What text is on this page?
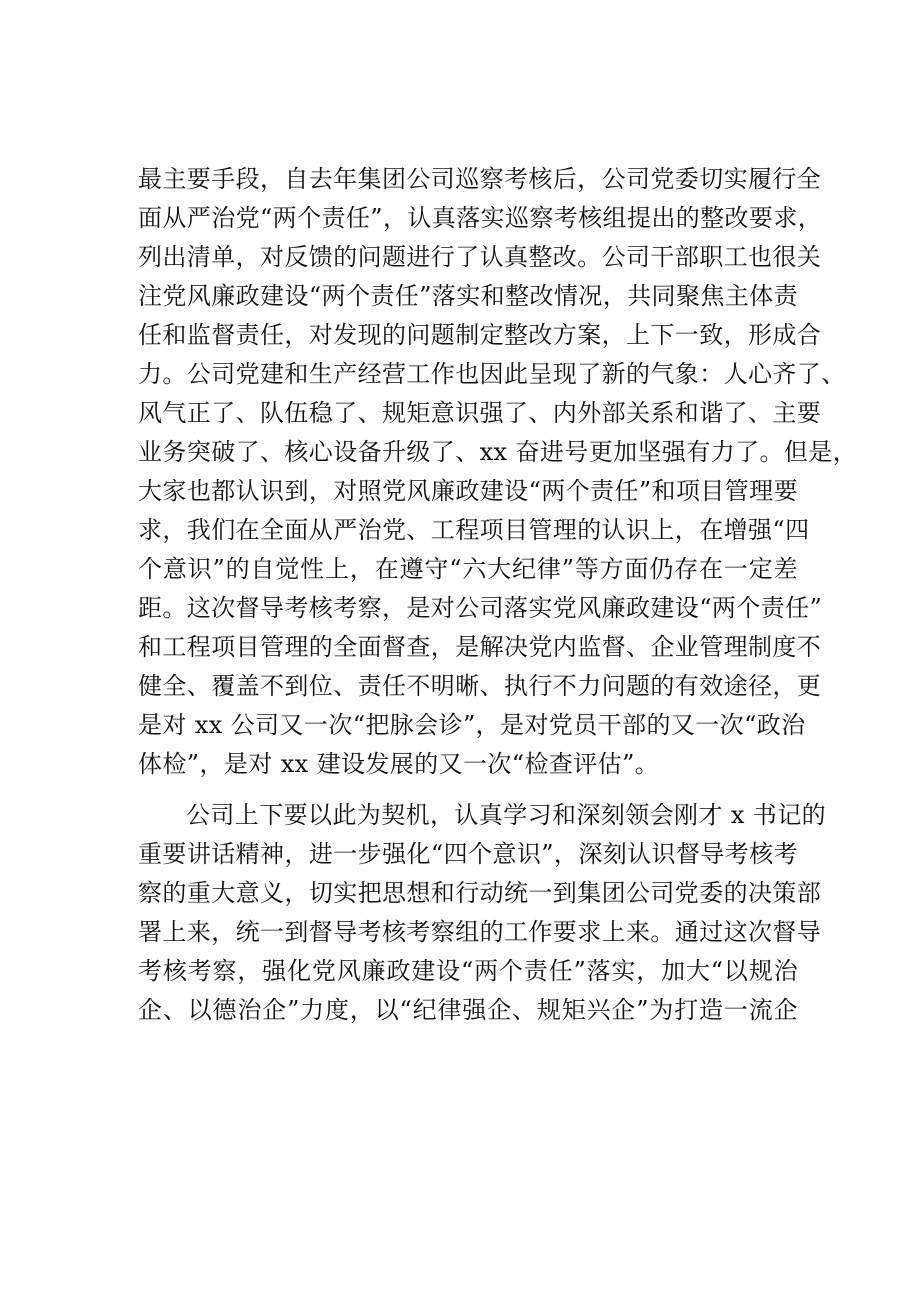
最主要手段，自去年集团公司巡察考核后，公司党委切实履行全
面从严治党“两个责任”，认真落实巡察考核组提出的整改要求，
列出清单，对反馈的问题进行了认真整改。公司干部职工也很关
注党风廉政建设“两个责任”落实和整改情况，共同聚焦主体责
任和监督责任，对发现的问题制定整改方案，上下一致，形成合
力。公司党建和生产经营工作也因此呈现了新的气象：人心齐了、
风气正了、队伍稳了、规矩意识强了、内外部关系和谐了、主要
业务突破了、核心设备升级了、xx 奋进号更加坚强有力了。但是，
大家也都认识到，对照党风廉政建设“两个责任”和项目管理要
求，我们在全面从严治党、工程项目管理的认识上，在增强“四
个意识”的自觉性上，在遵守“六大纪律”等方面仍存在一定差
距。这次督导考核考察，是对公司落实党风廉政建设“两个责任”
和工程项目管理的全面督查，是解决党内监督、企业管理制度不
健全、覆盖不到位、责任不明晰、执行不力问题的有效途径，更
是对 xx 公司又一次“把脉会诊”，是对党员干部的又一次“政治
体检”，是对 xx 建设发展的又一次“检查评估”。

公司上下要以此为契机，认真学习和深刻领会刚才 x 书记的
重要讲话精神，进一步强化“四个意识”，深刻认识督导考核考
察的重大意义，切实把思想和行动统一到集团公司党委的决策部
署上来，统一到督导考核考察组的工作要求上来。通过这次督导
考核考察，强化党风廉政建设“两个责任”落实，加大“以规治
企、以德治企”力度，以“纪律强企、规矩兴企”为打造一流企
